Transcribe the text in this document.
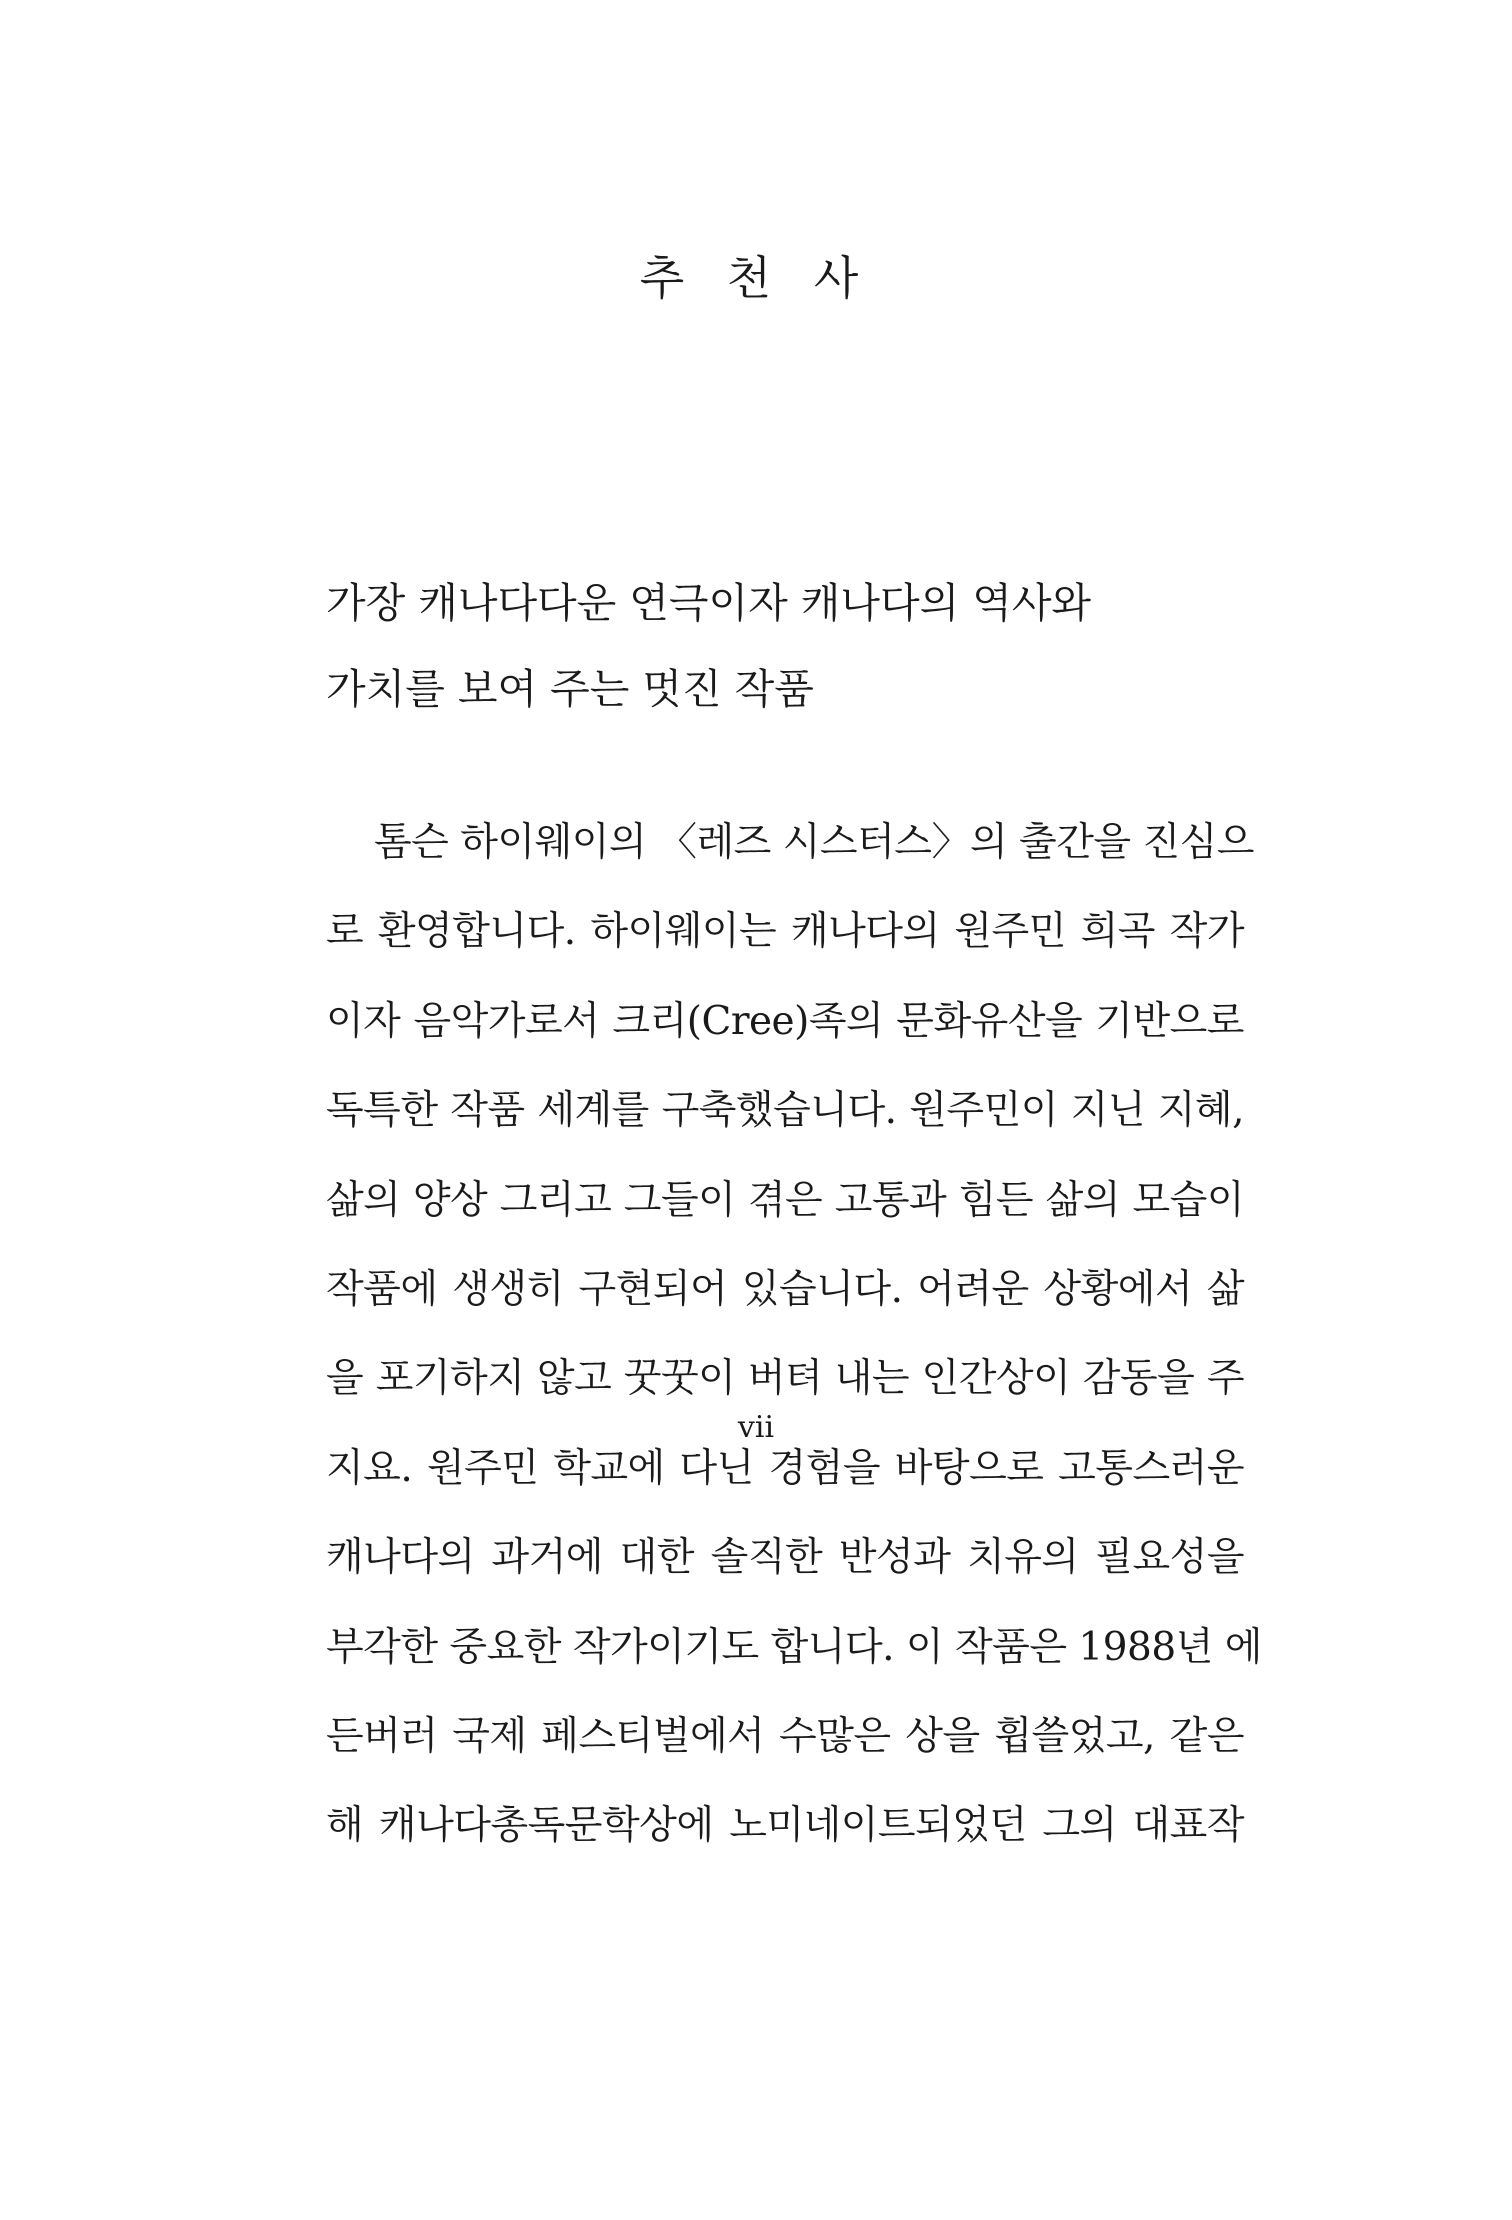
추 천 사
가장 캐나다다운 연극이자 캐나다의 역사와
가치를 보여 주는 멋진 작품
톰슨 하이웨이의 〈레즈 시스터스〉의 출간을 진심으
로 환영합니다. 하이웨이는 캐나다의 원주민 희곡 작가
이자 음악가로서 크리(Cree)족의 문화유산을 기반으로
독특한 작품 세계를 구축했습니다. 원주민이 지닌 지혜,
삶의 양상 그리고 그들이 겪은 고통과 힘든 삶의 모습이
작품에 생생히 구현되어 있습니다. 어려운 상황에서 삶
을 포기하지 않고 꿋꿋이 버텨 내는 인간상이 감동을 주
지요. 원주민 학교에 다닌 경험을 바탕으로 고통스러운
캐나다의 과거에 대한 솔직한 반성과 치유의 필요성을
부각한 중요한 작가이기도 합니다. 이 작품은 1988년 에
든버러 국제 페스티벌에서 수많은 상을 휩쓸었고, 같은
해 캐나다총독문학상에 노미네이트되었던 그의 대표작
vii
